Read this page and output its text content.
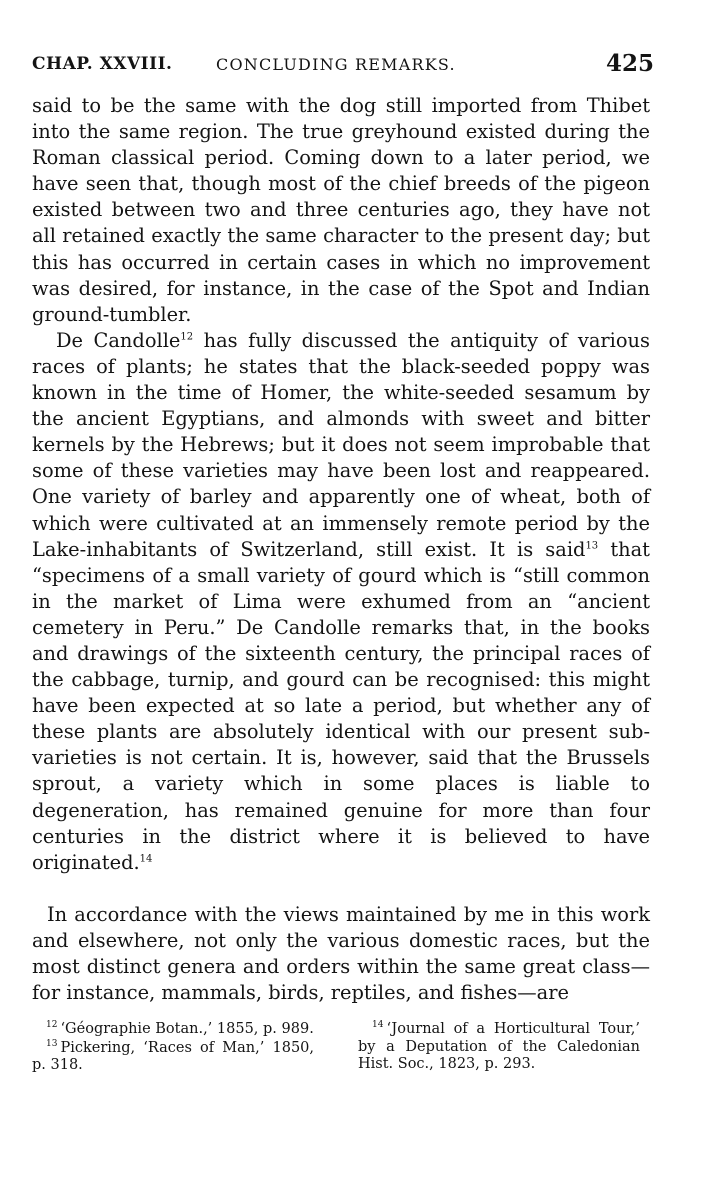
CHAP. XXVIII.	CONCLUDING REMARKS.	425

said to be the same with the dog still imported from Thibet into the same region. The true greyhound existed during the Roman classical period. Coming down to a later period, we have seen that, though most of the chief breeds of the pigeon existed between two and three centuries ago, they have not all retained exactly the same character to the present day; but this has occurred in certain cases in which no improvement was desired, for instance, in the case of the Spot and Indian ground-tumbler.

De Candolle$^{12}$ has fully discussed the antiquity of various races of plants; he states that the black-seeded poppy was known in the time of Homer, the white-seeded sesamum by the ancient Egyptians, and almonds with sweet and bitter kernels by the Hebrews; but it does not seem improbable that some of these varieties may have been lost and reappeared. One variety of barley and apparently one of wheat, both of which were cultivated at an immensely remote period by the Lake-inhabitants of Switzerland, still exist. It is said$^{13}$ that “specimens of a small variety of gourd which is “still common in the market of Lima were exhumed from an “ancient cemetery in Peru.” De Candolle remarks that, in the books and drawings of the sixteenth century, the principal races of the cabbage, turnip, and gourd can be recognised: this might have been expected at so late a period, but whether any of these plants are absolutely identical with our present sub-varieties is not certain. It is, however, said that the Brussels sprout, a variety which in some places is liable to degeneration, has remained genuine for more than four centuries in the district where it is believed to have originated.$^{14}$

In accordance with the views maintained by me in this work and elsewhere, not only the various domestic races, but the most distinct genera and orders within the same great class—for instance, mammals, birds, reptiles, and fishes—are

$^{12}$ ‘Géographie Botan.,’ 1855, p. 989.

$^{13}$ Pickering, ‘Races of Man,’ 1850, p. 318.

$^{14}$ ‘Journal of a Horticultural Tour,’ by a Deputation of the Caledonian Hist. Soc., 1823, p. 293.
